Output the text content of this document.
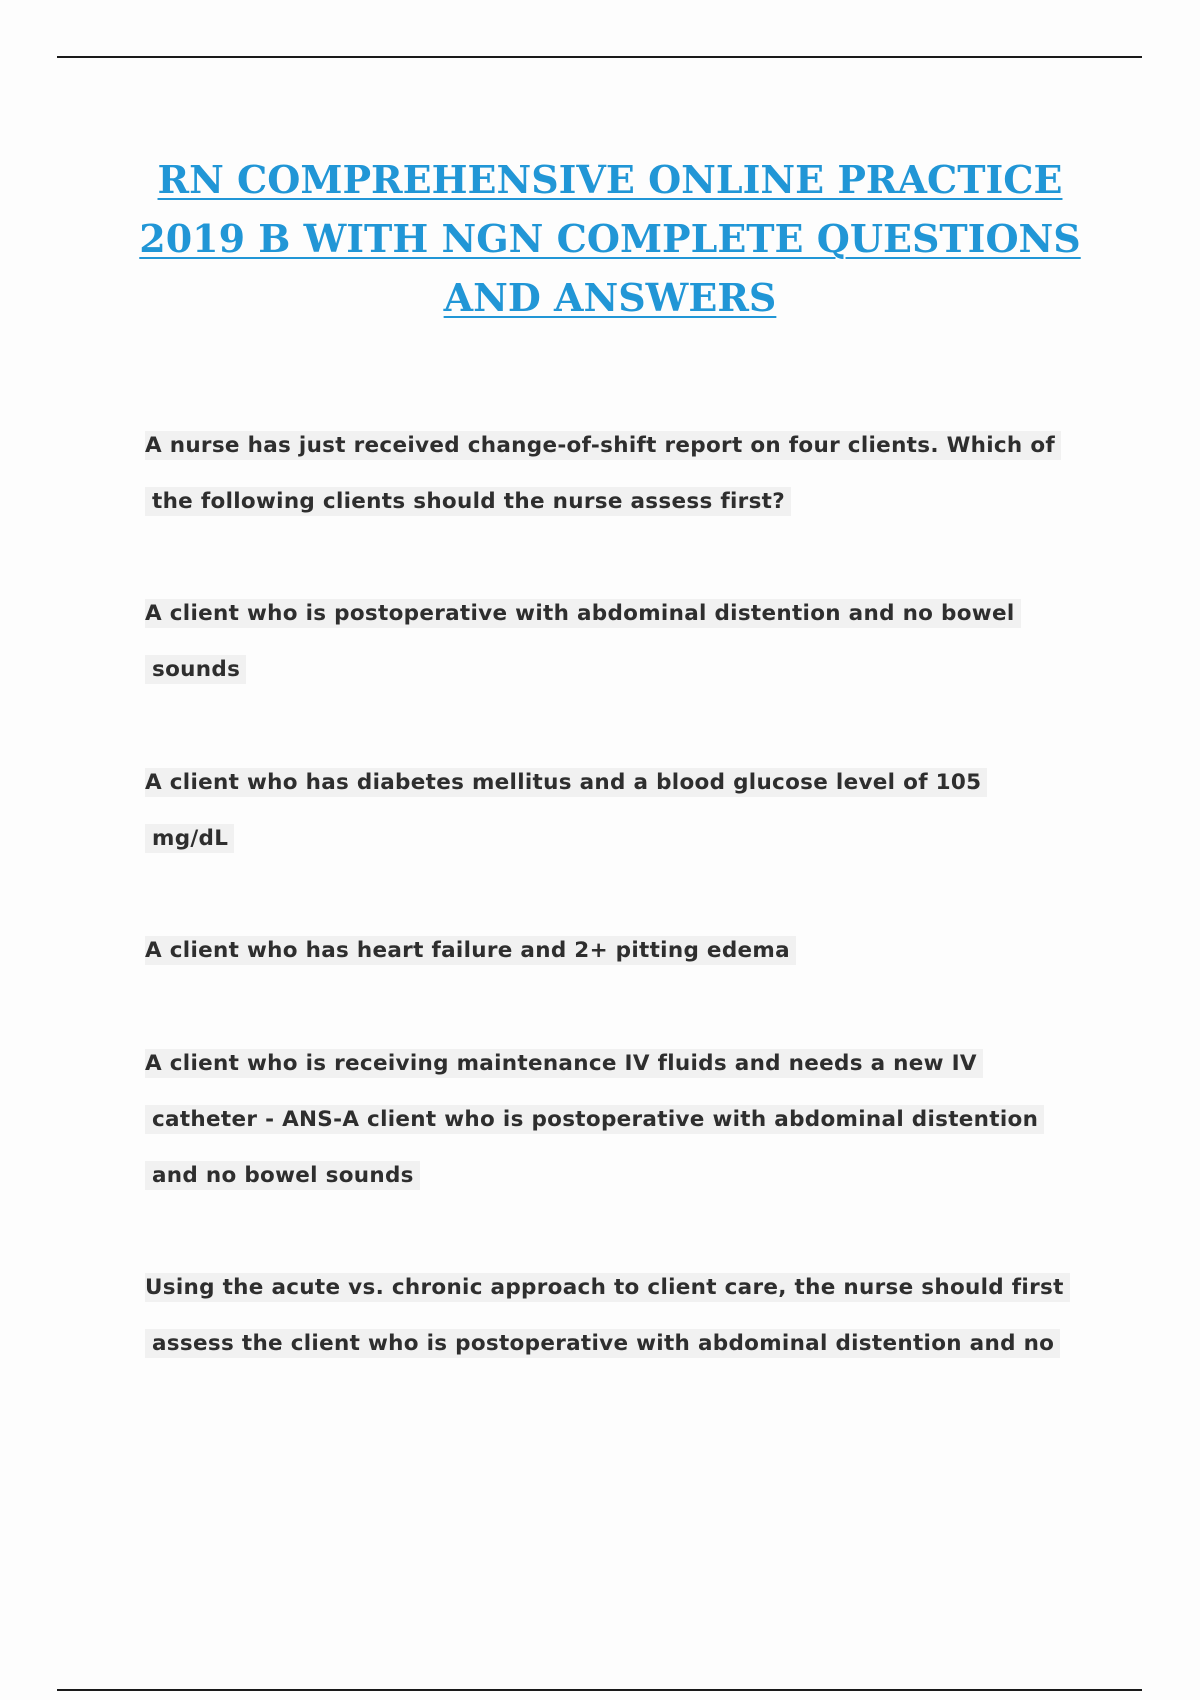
RN COMPREHENSIVE ONLINE PRACTICE 2019 B WITH NGN COMPLETE QUESTIONS AND ANSWERS
A nurse has just received change-of-shift report on four clients. Which of
the following clients should the nurse assess first?
A client who is postoperative with abdominal distention and no bowel
sounds
A client who has diabetes mellitus and a blood glucose level of 105
mg/dL
A client who has heart failure and 2+ pitting edema
A client who is receiving maintenance IV fluids and needs a new IV
catheter - ANS-A client who is postoperative with abdominal distention
and no bowel sounds
Using the acute vs. chronic approach to client care, the nurse should first
assess the client who is postoperative with abdominal distention and no
